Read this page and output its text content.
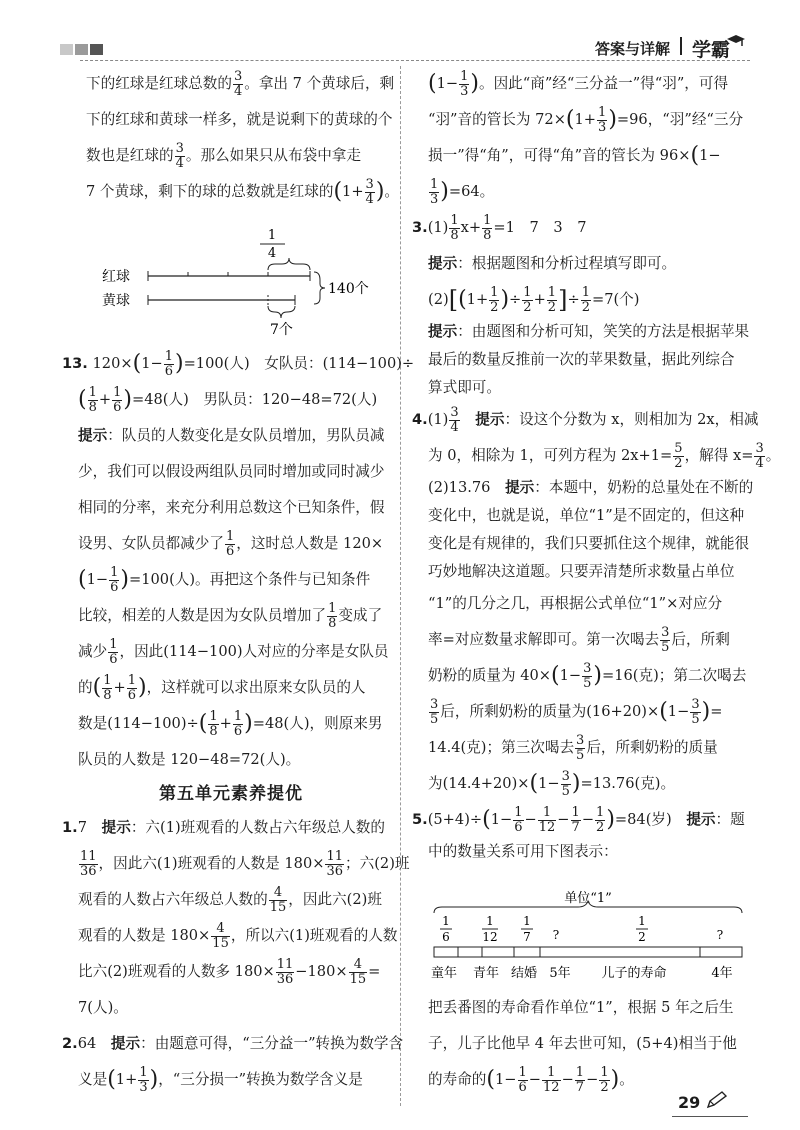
答案与详解 学霸
下的红球是红球总数的 $\frac{3}{4}$ 。拿出 7 个黄球后，剩
下的红球和黄球一样多，就是说剩下的黄球的个
数也是红球的 $\frac{3}{4}$ 。那么如果只从布袋中拿走
7 个黄球，剩下的球的总数就是红球的($1+ \frac{3}{4}$ )。
1
4
红球
黄球
140个
7个
13. $120\times(1- \frac{1}{6} )=100$(人)　女队员：(114−100)÷
( $\frac{1}{8} + \frac{1}{6} )=48$(人)　男队员：120−48=72(人)
提示：队员的人数变化是女队员增加，男队员减
少，我们可以假设两组队员同时增加或同时减少
相同的分率，来充分利用总数这个已知条件，假
设男、女队员都减少了 $\frac{1}{6}$ ，这时总人数是 120×
$(1- \frac{1}{6} )=100$(人)。再把这个条件与已知条件
比较，相差的人数是因为女队员增加了 $\frac{1}{8}$ 变成了
减少 $\frac{1}{6}$ ，因此(114−100)人对应的分率是女队员
的( $\frac{1}{8} + \frac{1}{6}$ )，这样就可以求出原来女队员的人
数是$(114-100)\div( \frac{1}{8} + \frac{1}{6} )=48$(人)，则原来男
队员的人数是 120−48=72(人)。
第五单元素养提优
1.7　 提示：六(1)班观看的人数占六年级总人数的
$\frac{11}{36}$ ，因此六(1)班观看的人数是 $180\times \frac{11}{36}$ ；六(2)班
观看的人数占六年级总人数的 $\frac{4}{15}$ ，因此六(2)班
观看的人数是 $180\times \frac{4}{15}$ ，所以六(1)班观看的人数
比六(2)班观看的人数多 $180\times \frac{11}{36} -180\times \frac{4}{15}$ =
7(人)。
2.64　 提示：由题意可得，“三分益一”转换为数学含
义是($1+ \frac{1}{3}$ )，“三分损一”转换为数学含义是
($1- \frac{1}{3}$ )。因此“商”经“三分益一”得“羽”，可得
“羽”音的管长为 $72\times(1+ \frac{1}{3} )=96$，“羽”经“三分
损一”得“角”，可得“角”音的管长为 96×(1−
$\frac{1}{3} )=64$。
$3.(1) \frac{1}{8} x+ \frac{1}{8} =1$　7　3　7
提示：根据题图和分析过程填写即可。
$(2)[(1+ \frac{1}{2}$ )÷ $\frac{1}{2} + \frac{1}{2}$ ]÷ $\frac{1}{2} =7$(个)
提示：由题图和分析可知，笑笑的方法是根据苹果
最后的数量反推前一次的苹果数量，据此列综合
算式即可。
$4.(1) \frac{3}{4}$
　 提示：设这个分数为 x，则相加为 2x，相减
为 0，相除为 1，可列方程为 $2x+1= \frac{5}{2}$ ，解得 $x= \frac{3}{4}$ 。
(2)13.76　 提示：本题中，奶粉的总量处在不断的
变化中，也就是说，单位“1”是不固定的，但这种
变化是有规律的，我们只要抓住这个规律，就能很
巧妙地解决这道题。只要弄清楚所求数量占单位
“1”的几分之几，再根据公式单位“1”×对应分
率=对应数量求解即可。第一次喝去 $\frac{3}{5}$ 后，所剩
奶粉的质量为 $40\times(1- \frac{3}{5} )=16$(克)；第二次喝去
$\frac{3}{5}$ 后，所剩奶粉的质量为$(16+20)\times(1- \frac{3}{5}$ )=
14.4(克)；第三次喝去 $\frac{3}{5}$ 后，所剩奶粉的质量
为$(14.4+20)\times(1- \frac{3}{5} )=13.76$(克)。
$5.(5+4)\div(1- \frac{1}{6} - \frac{1}{12} - \frac{1}{7} - \frac{1}{2} )=84$(岁)　 提示：题
中的数量关系可用下图表示：
单位“1”
1
6
1
12
1
7 ?
1
2	?
童年 青年 结婚 5年 儿子的寿命	4年
把丢番图的寿命看作单位“1”，根据 5 年之后生
子，儿子比他早 4 年去世可知，(5+4)相当于他
的寿命的($1- \frac{1}{6} - \frac{1}{12} - \frac{1}{7} - \frac{1}{2}$ )。
29
